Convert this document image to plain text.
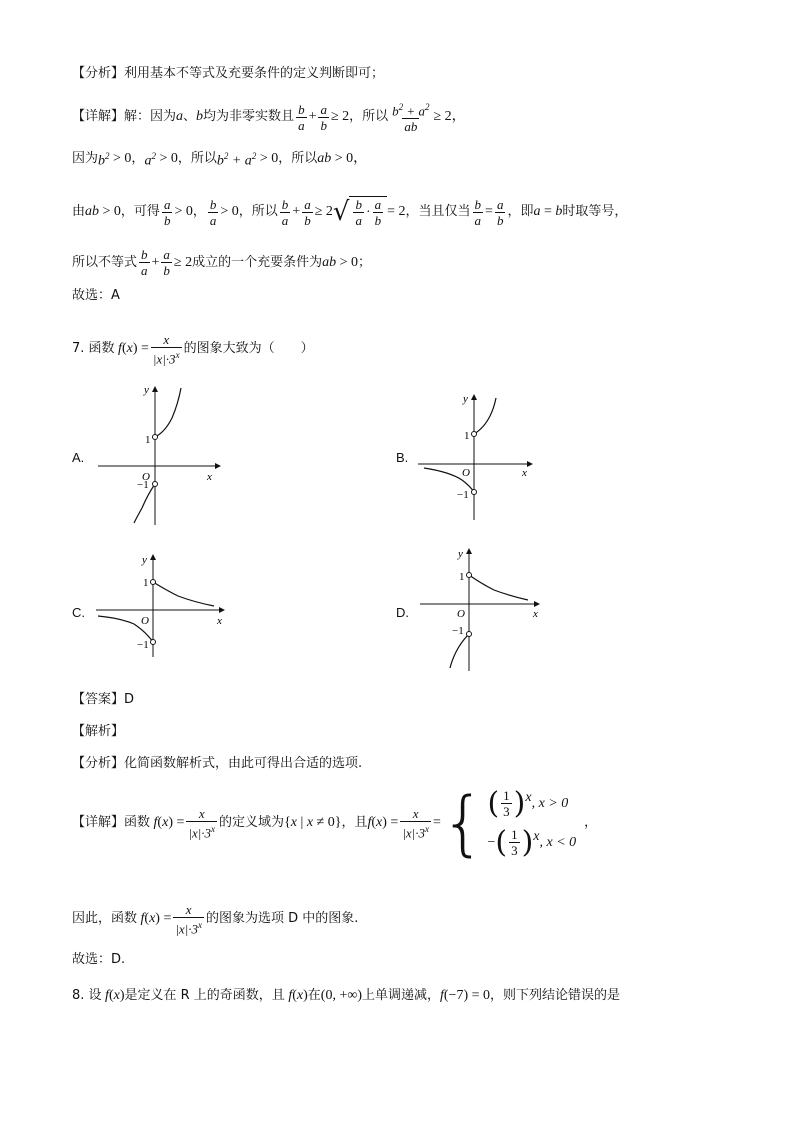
【分析】 利用基本不等式及充要条件的定义判断即可；
【详解】 解：因为 a 、 b 均为非零实数且 $\frac{b}{a} + \frac{a}{b} \ge 2$ ，所以 $\frac{b^2 + a^2}{ab} \ge 2$，
因为 $b^2 > 0$ ， $a^2 > 0$ ，所以 $b^2 + a^2 > 0$ ，所以 ab > 0，
由 ab > 0 ，可得 $\frac{a}{b} > 0$ ， $\frac{b}{a} > 0$ ，所以 $\frac{b}{a} + \frac{a}{b} \ge 2$ √ $\frac{b}{a} \cdot \frac{a}{b} = 2$ ，当且仅当 $\frac{b}{a} = \frac{a}{b}$ ，即 a = b 时取等号，
所以不等式 $\frac{b}{a} + \frac{a}{b} \ge 2$ 成立的一个充要条件为 ab > 0 ；
故选：A
7. 函数 f ( x ) = $\frac{x}{|x|\cdot 3^x}$ 的图象大致为（　　）
A.	B.
C.	D.
y
x
O
1
−1
y
x
O
1
−1
y
x
O
1
−1
y
x
O
1
−1
【答案】 D
【解析】
【分析】 化简函数解析式，由此可得出合适的选项.
【详解】 函数 f ( x ) = $\frac{x}{|x|\cdot 3^x}$ 的定义域为 { x | x ≠ 0} ，且 f ( x ) = $\frac{x}{|x|\cdot 3^x}$ = { ( $\frac{1}{3}$ ) x , x > 0
− ( $\frac{1}{3}$ ) x , x < 0
，
因此，函数 f ( x ) = $\frac{x}{|x|\cdot 3^x}$ 的图象为选项 D 中的图象.
故选：D.
8. 设 f ( x ) 是定义在 R 上的奇函数，且 f ( x ) 在 (0, +∞) 上单调递减， f (−7) = 0 ，则下列结论错误的是
